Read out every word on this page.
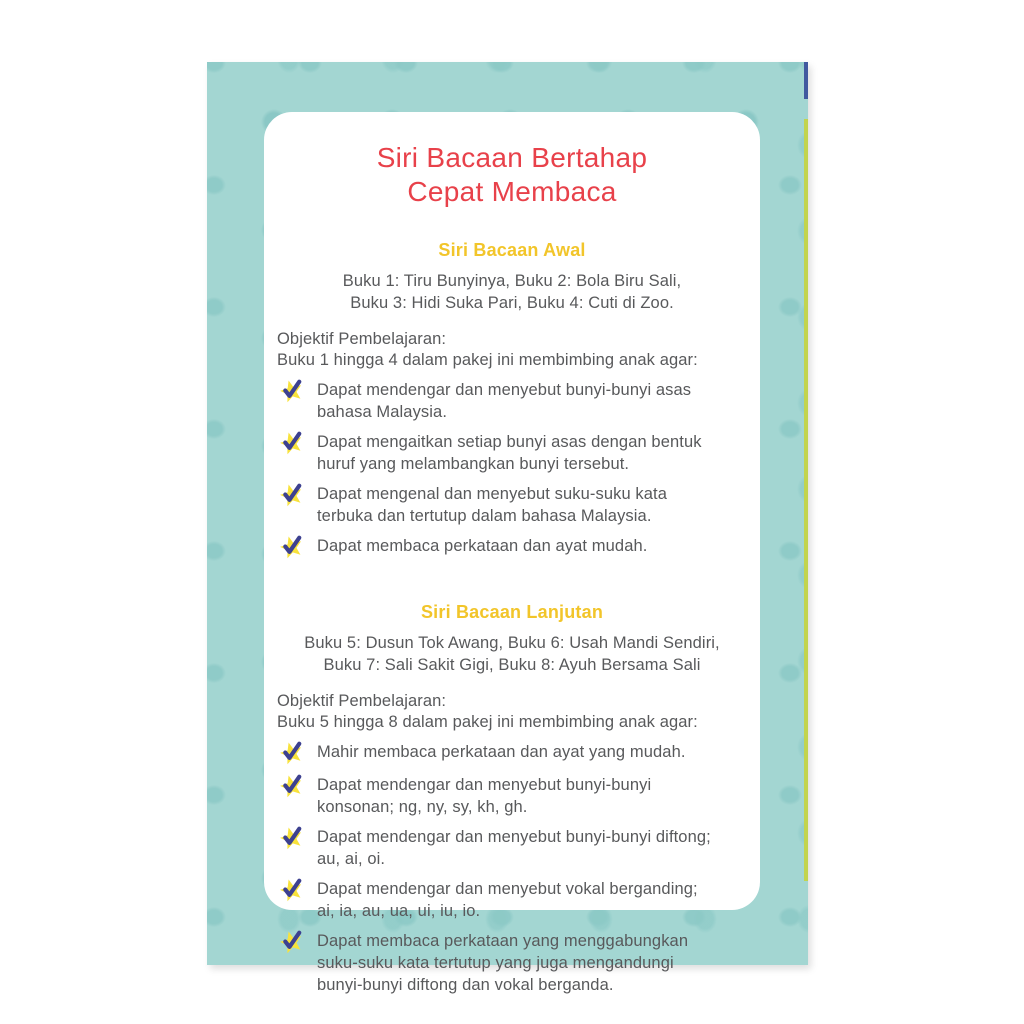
Siri Bacaan Bertahap
Cepat Membaca
Siri Bacaan Awal

Buku 1: Tiru Bunyinya, Buku 2: Bola Biru Sali,
Buku 3: Hidi Suka Pari, Buku 4: Cuti di Zoo.

Objektif Pembelajaran:
Buku 1 hingga 4 dalam pakej ini membimbing anak agar:

Dapat mendengar dan menyebut bunyi-bunyi asas bahasa Malaysia.
Dapat mengaitkan setiap bunyi asas dengan bentuk huruf yang melambangkan bunyi tersebut.
Dapat mengenal dan menyebut suku-suku kata terbuka dan tertutup dalam bahasa Malaysia.
Dapat membaca perkataan dan ayat mudah.
Siri Bacaan Lanjutan

Buku 5: Dusun Tok Awang, Buku 6: Usah Mandi Sendiri,
Buku 7: Sali Sakit Gigi, Buku 8: Ayuh Bersama Sali

Objektif Pembelajaran:
Buku 5 hingga 8 dalam pakej ini membimbing anak agar:

Mahir membaca perkataan dan ayat yang mudah.
Dapat mendengar dan menyebut bunyi-bunyi konsonan; ng, ny, sy, kh, gh.
Dapat mendengar dan menyebut bunyi-bunyi diftong; au, ai, oi.
Dapat mendengar dan menyebut vokal berganding; ai, ia, au, ua, ui, iu, io.
Dapat membaca perkataan yang menggabungkan suku-suku kata tertutup yang juga mengandungi bunyi-bunyi diftong dan vokal berganda.
